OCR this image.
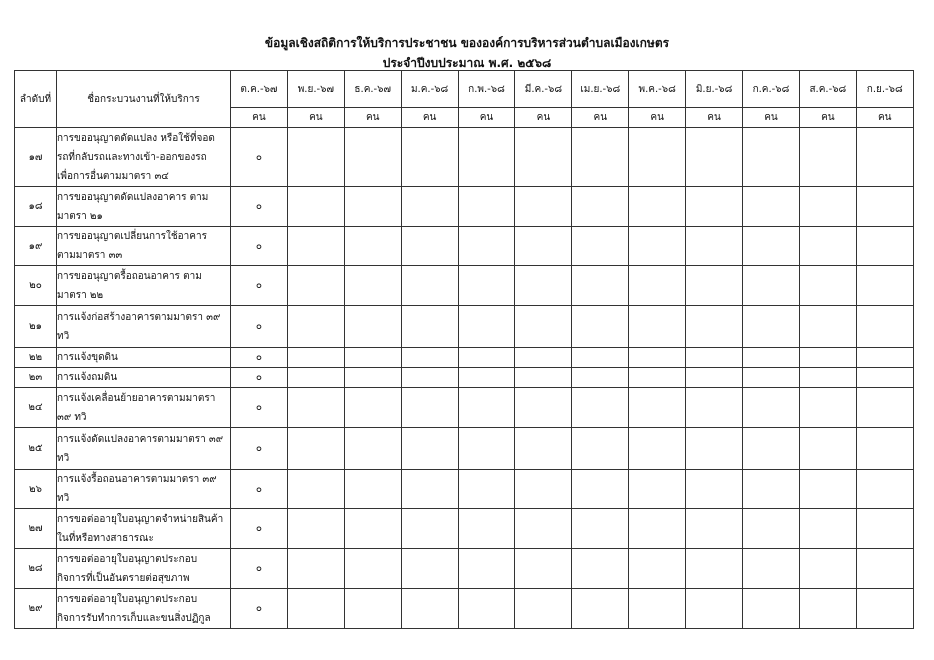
ข้อมูลเชิงสถิติการให้บริการประชาชน ขององค์การบริหารส่วนตำบลเมืองเกษตร
ประจำปีงบประมาณ พ.ศ. ๒๕๖๘
ลำดับที่	ชื่อกระบวนงานที่ให้บริการ	ต.ค.-๖๗	พ.ย.-๖๗	ธ.ค.-๖๗	ม.ค.-๖๘	ก.พ.-๖๘	มี.ค.-๖๘	เม.ย.-๖๘	พ.ค.-๖๘	มิ.ย.-๖๘	ก.ค.-๖๘	ส.ค.-๖๘	ก.ย.-๖๘
		คน	คน	คน	คน	คน	คน	คน	คน	คน	คน	คน	คน
๑๗	การขออนุญาตดัดแปลง หรือใช้ที่จอด
รถที่กลับรถและทางเข้า-ออกของรถ
เพื่อการอื่นตามมาตรา ๓๔	๐											
๑๘	การขออนุญาตดัดแปลงอาคาร ตาม
มาตรา ๒๑	๐											
๑๙	การขออนุญาตเปลี่ยนการใช้อาคาร
ตามมาตรา ๓๓	๐											
๒๐	การขออนุญาตรื้อถอนอาคาร ตาม
มาตรา ๒๒	๐											
๒๑	การแจ้งก่อสร้างอาคารตามมาตรา ๓๙
ทวิ	๐											
๒๒	การแจ้งขุดดิน	๐											
๒๓	การแจ้งถมดิน	๐											
๒๔	การแจ้งเคลื่อนย้ายอาคารตามมาตรา
๓๙ ทวิ	๐											
๒๕	การแจ้งดัดแปลงอาคารตามมาตรา ๓๙
ทวิ	๐											
๒๖	การแจ้งรื้อถอนอาคารตามมาตรา ๓๙ ทวิ	๐											
๒๗	การขอต่ออายุใบอนุญาตจำหน่ายสินค้า
ในที่หรือทางสาธารณะ	๐											
๒๘	การขอต่ออายุใบอนุญาตประกอบ
กิจการที่เป็นอันตรายต่อสุขภาพ	๐											
๒๙	การขอต่ออายุใบอนุญาตประกอบ
กิจการรับทำการเก็บและขนสิ่งปฏิกูล	๐											
